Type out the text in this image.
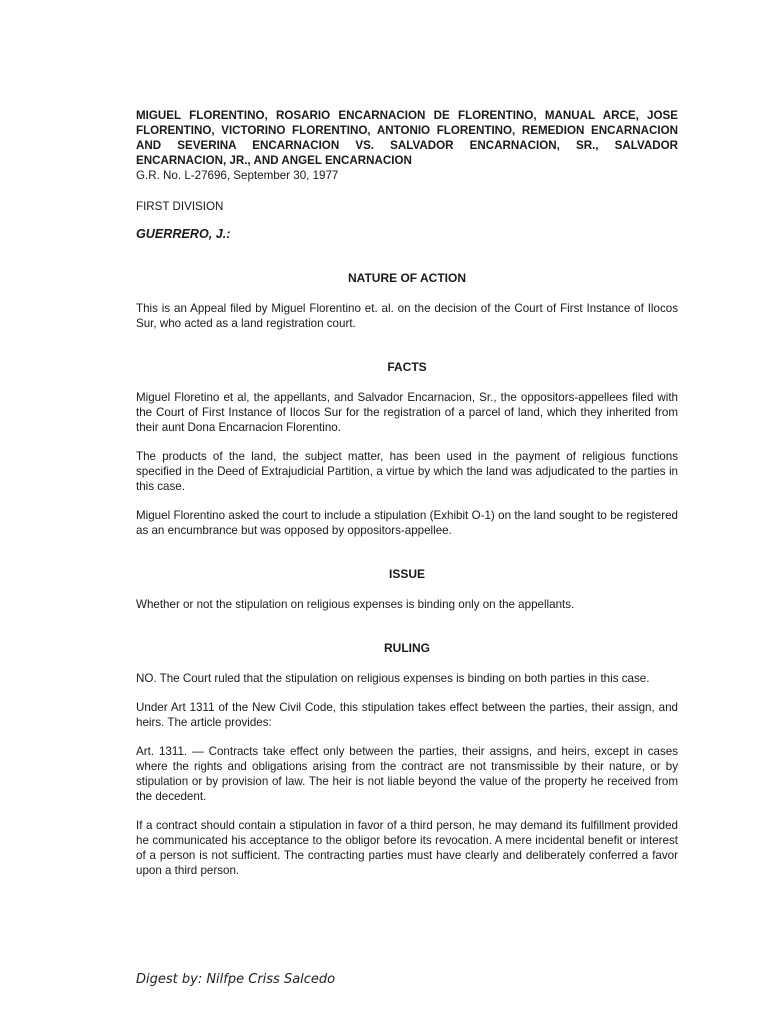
MIGUEL FLORENTINO, ROSARIO ENCARNACION DE FLORENTINO, MANUAL ARCE, JOSE FLORENTINO, VICTORINO FLORENTINO, ANTONIO FLORENTINO, REMEDION ENCARNACION AND SEVERINA ENCARNACION VS. SALVADOR ENCARNACION, SR., SALVADOR ENCARNACION, JR., AND ANGEL ENCARNACION

G.R. No. L-27696, September 30, 1977

FIRST DIVISION

GUERRERO, J.:

NATURE OF ACTION

This is an Appeal filed by Miguel Florentino et. al. on the decision of the Court of First Instance of Ilocos Sur, who acted as a land registration court.

FACTS

Miguel Floretino et al, the appellants, and Salvador Encarnacion, Sr., the oppositors-appellees filed with the Court of First Instance of Ilocos Sur for the registration of a parcel of land, which they inherited from their aunt Dona Encarnacion Florentino.

The products of the land, the subject matter, has been used in the payment of religious functions specified in the Deed of Extrajudicial Partition, a virtue by which the land was adjudicated to the parties in this case.

Miguel Florentino asked the court to include a stipulation (Exhibit O-1) on the land sought to be registered as an encumbrance but was opposed by oppositors-appellee.

ISSUE

Whether or not the stipulation on religious expenses is binding only on the appellants.

RULING

NO. The Court ruled that the stipulation on religious expenses is binding on both parties in this case.

Under Art 1311 of the New Civil Code, this stipulation takes effect between the parties, their assign, and heirs. The article provides:

Art. 1311. — Contracts take effect only between the parties, their assigns, and heirs, except in cases where the rights and obligations arising from the contract are not transmissible by their nature, or by stipulation or by provision of law. The heir is not liable beyond the value of the property he received from the decedent.

If a contract should contain a stipulation in favor of a third person, he may demand its fulfillment provided he communicated his acceptance to the obligor before its revocation. A mere incidental benefit or interest of a person is not sufficient. The contracting parties must have clearly and deliberately conferred a favor upon a third person.

Digest by: Nilfpe Criss Salcedo
